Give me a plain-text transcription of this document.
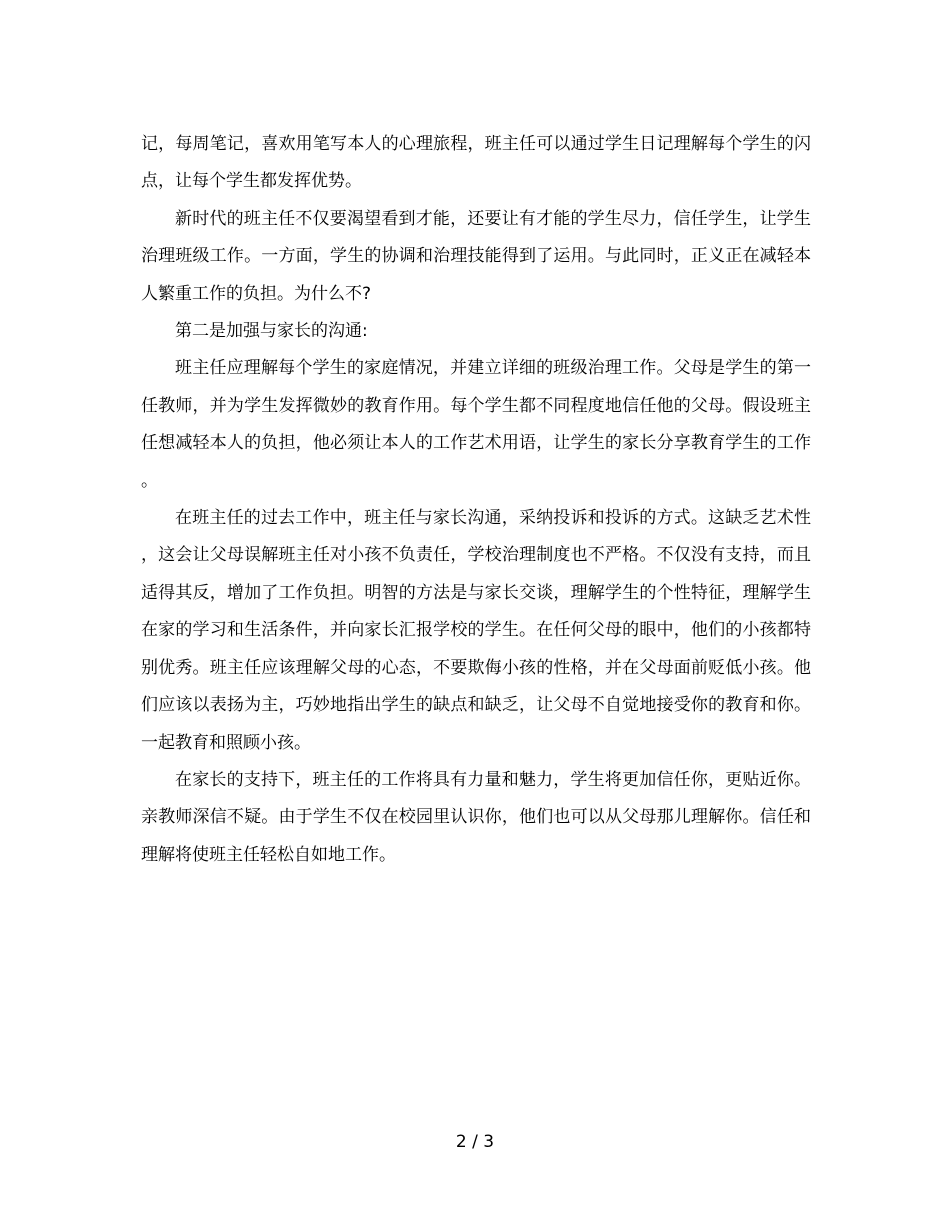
记，每周笔记，喜欢用笔写本人的心理旅程，班主任可以通过学生日记理解每个学生的闪点，让每个学生都发挥优势。

新时代的班主任不仅要渴望看到才能，还要让有才能的学生尽力，信任学生，让学生治理班级工作。一方面，学生的协调和治理技能得到了运用。与此同时，正义正在减轻本人繁重工作的负担。为什么不?

第二是加强与家长的沟通:

班主任应理解每个学生的家庭情况，并建立详细的班级治理工作。父母是学生的第一任教师，并为学生发挥微妙的教育作用。每个学生都不同程度地信任他的父母。假设班主任想减轻本人的负担，他必须让本人的工作艺术用语，让学生的家长分享教育学生的工作。

在班主任的过去工作中，班主任与家长沟通，采纳投诉和投诉的方式。这缺乏艺术性，这会让父母误解班主任对小孩不负责任，学校治理制度也不严格。不仅没有支持，而且适得其反，增加了工作负担。明智的方法是与家长交谈，理解学生的个性特征，理解学生在家的学习和生活条件，并向家长汇报学校的学生。在任何父母的眼中，他们的小孩都特别优秀。班主任应该理解父母的心态，不要欺侮小孩的性格，并在父母面前贬低小孩。他们应该以表扬为主，巧妙地指出学生的缺点和缺乏，让父母不自觉地接受你的教育和你。一起教育和照顾小孩。

在家长的支持下，班主任的工作将具有力量和魅力，学生将更加信任你，更贴近你。亲教师深信不疑。由于学生不仅在校园里认识你，他们也可以从父母那儿理解你。信任和理解将使班主任轻松自如地工作。

2 / 3
